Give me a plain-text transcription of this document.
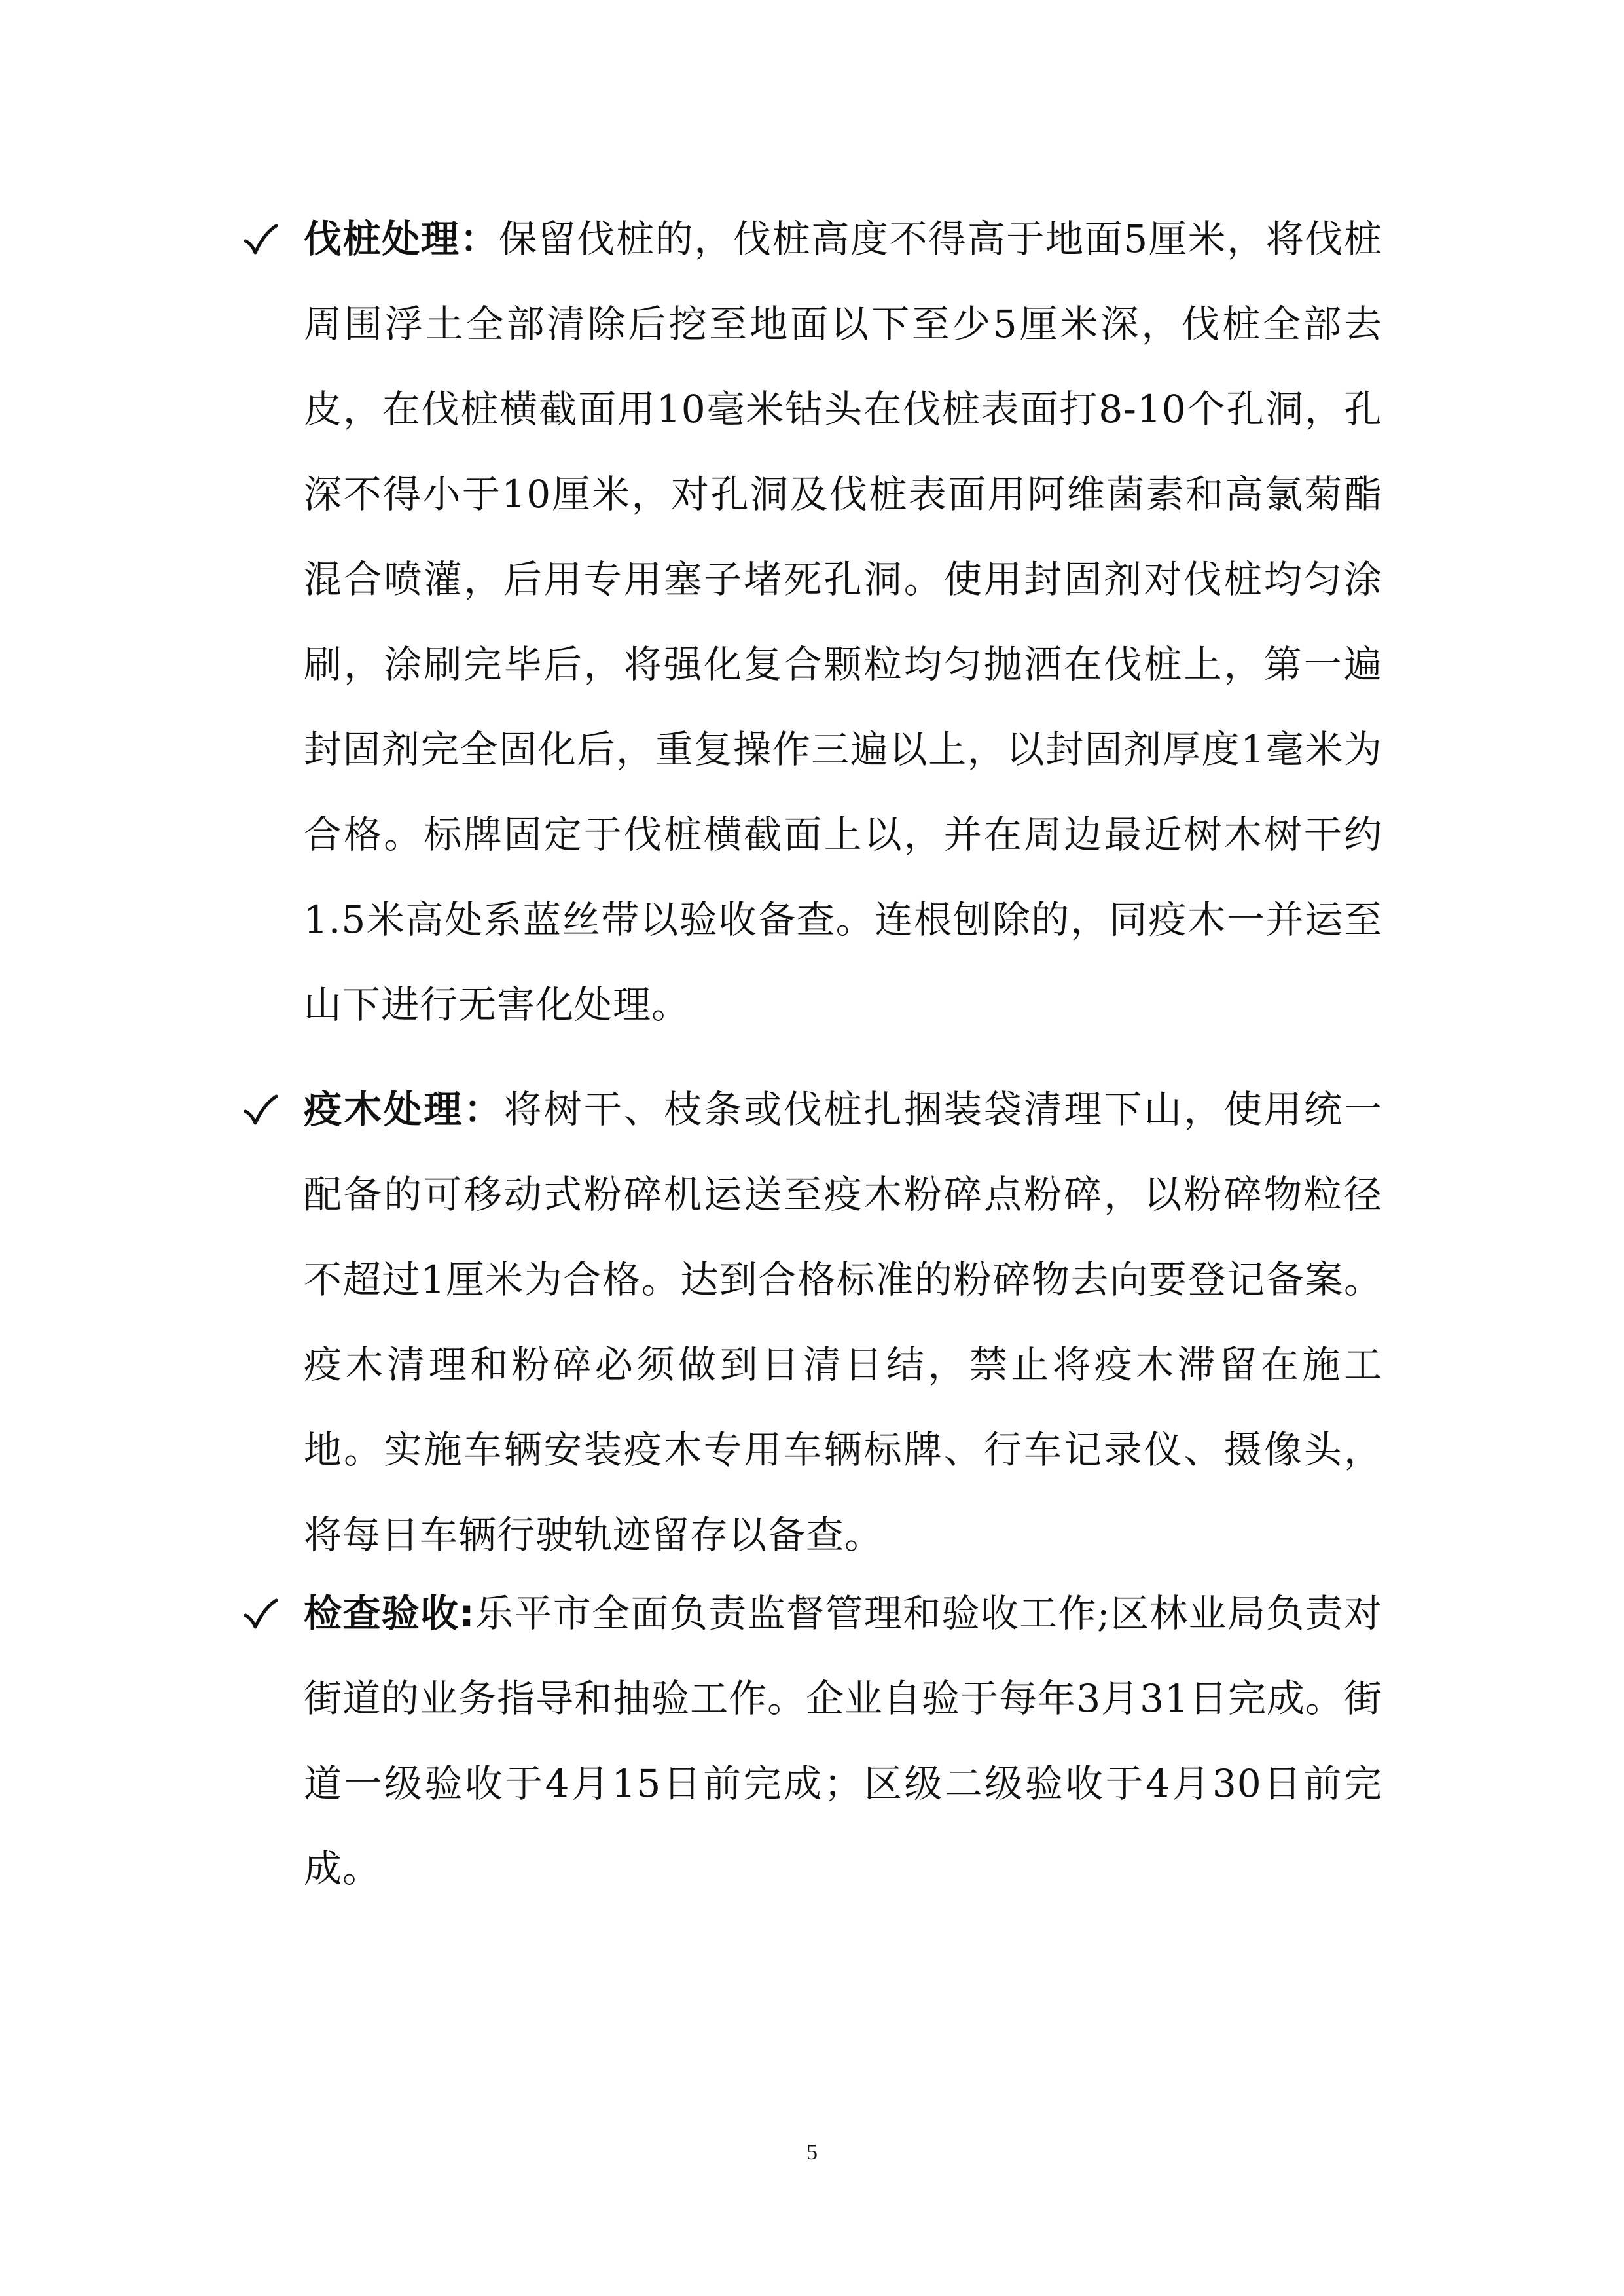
伐桩处理：保留伐桩的，伐桩高度不得高于地面5厘米，将伐桩周围浮土全部清除后挖至地面以下至少5厘米深，伐桩全部去皮，在伐桩横截面用10毫米钻头在伐桩表面打8-10个孔洞，孔深不得小于10厘米，对孔洞及伐桩表面用阿维菌素和高氯菊酯混合喷灌，后用专用塞子堵死孔洞。使用封固剂对伐桩均匀涂刷，涂刷完毕后，将强化复合颗粒均匀抛洒在伐桩上，第一遍封固剂完全固化后，重复操作三遍以上，以封固剂厚度1毫米为合格。标牌固定于伐桩横截面上以，并在周边最近树木树干约1.5米高处系蓝丝带以验收备查。连根刨除的，同疫木一并运至山下进行无害化处理。
疫木处理：将树干、枝条或伐桩扎捆装袋清理下山，使用统一配备的可移动式粉碎机运送至疫木粉碎点粉碎，以粉碎物粒径不超过1厘米为合格。达到合格标准的粉碎物去向要登记备案。疫木清理和粉碎必须做到日清日结，禁止将疫木滞留在施工地。实施车辆安装疫木专用车辆标牌、行车记录仪、摄像头，将每日车辆行驶轨迹留存以备查。
检查验收:乐平市全面负责监督管理和验收工作;区林业局负责对街道的业务指导和抽验工作。企业自验于每年3月31日完成。街道一级验收于4月15日前完成；区级二级验收于4月30日前完成。
5
